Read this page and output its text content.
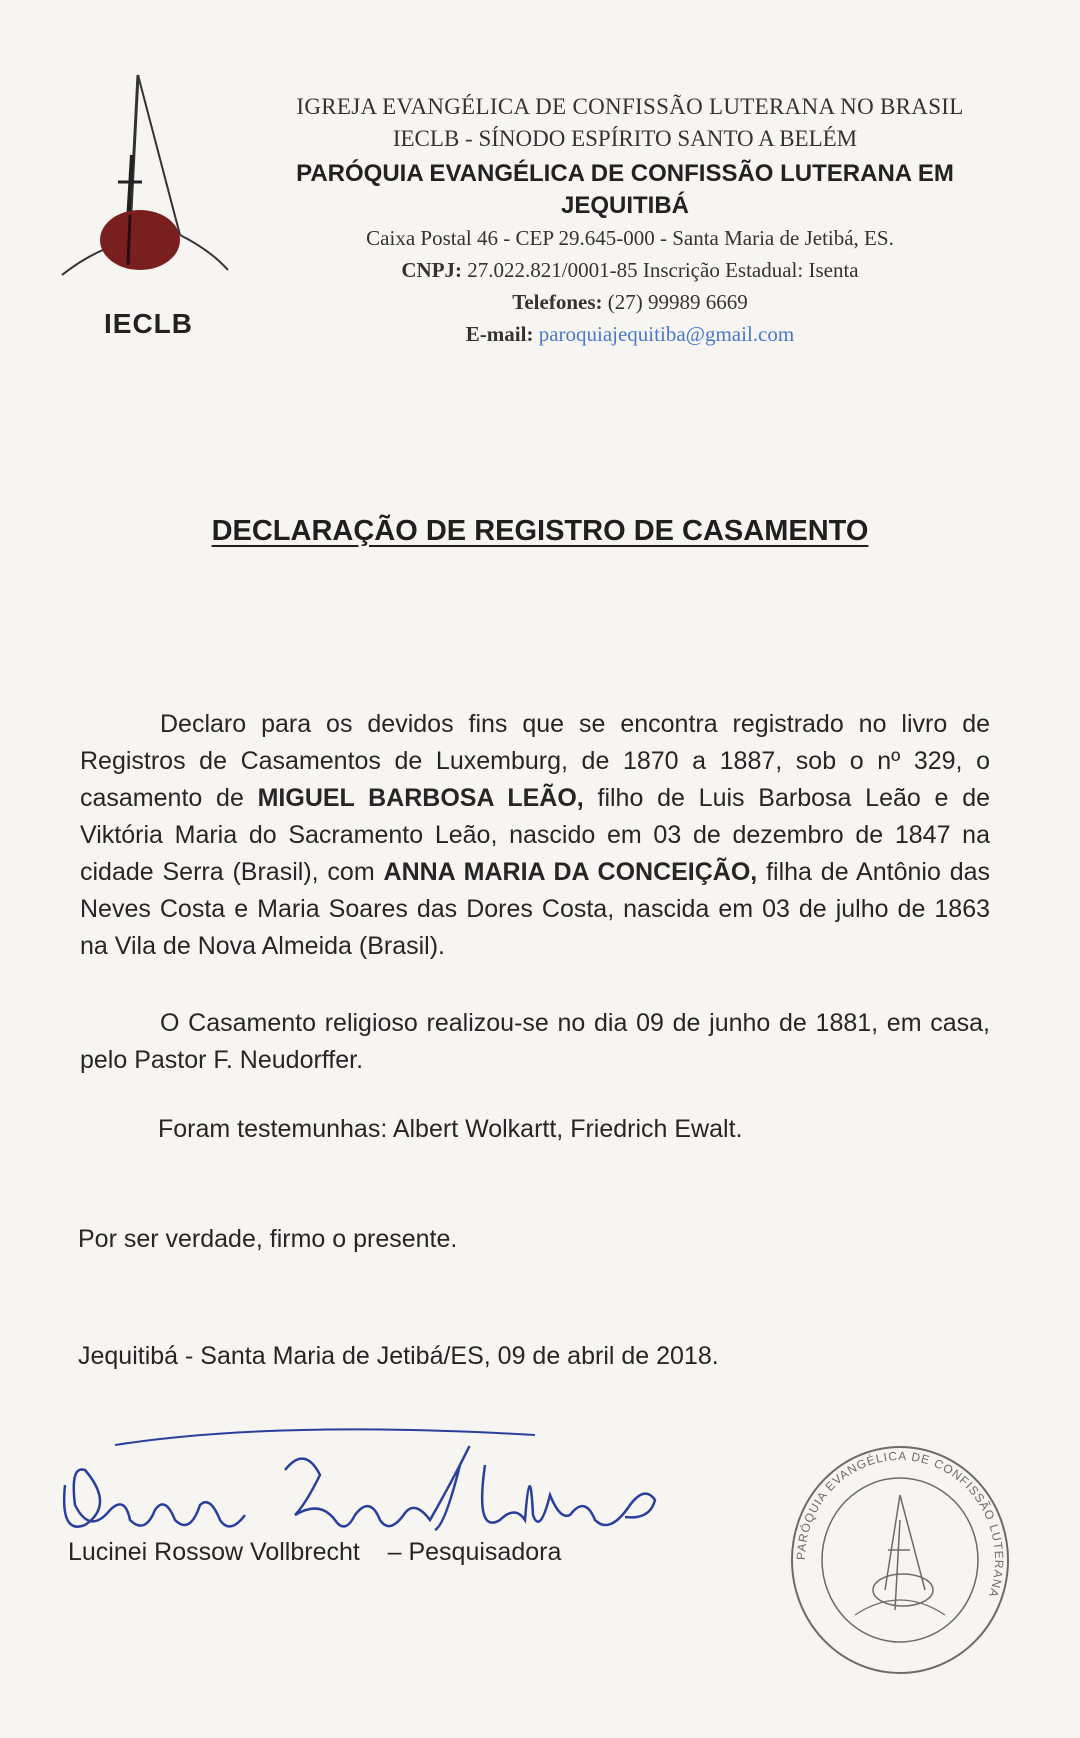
IECLB
IGREJA EVANGÉLICA DE CONFISSÃO LUTERANA NO BRASIL
IECLB - SÍNODO ESPÍRITO SANTO A BELÉM
PARÓQUIA EVANGÉLICA DE CONFISSÃO LUTERANA EM
JEQUITIBÁ
Caixa Postal 46 - CEP 29.645-000 - Santa Maria de Jetibá, ES.
CNPJ: 27.022.821/0001-85 Inscrição Estadual: Isenta
Telefones: (27) 99989 6669
E-mail: paroquiajequitiba@gmail.com
DECLARAÇÃO DE REGISTRO DE CASAMENTO
Declaro para os devidos fins que se encontra registrado no livro de Registros de Casamentos de Luxemburg, de 1870 a 1887, sob o nº 329, o casamento de MIGUEL BARBOSA LEÃO, filho de Luis Barbosa Leão e de Viktória Maria do Sacramento Leão, nascido em 03 de dezembro de 1847 na cidade Serra (Brasil), com ANNA MARIA DA CONCEIÇÃO, filha de Antônio das Neves Costa e Maria Soares das Dores Costa, nascida em 03 de julho de 1863 na Vila de Nova Almeida (Brasil).
O Casamento religioso realizou-se no dia 09 de junho de 1881, em casa, pelo Pastor F. Neudorffer.
Foram testemunhas: Albert Wolkartt, Friedrich Ewalt.
Por ser verdade, firmo o presente.
Jequitibá - Santa Maria de Jetibá/ES, 09 de abril de 2018.
Lucinei Rossow Vollbrecht – Pesquisadora	PARÓQUIA EVANGÉLICA DE CONFISSÃO LUTERANA
